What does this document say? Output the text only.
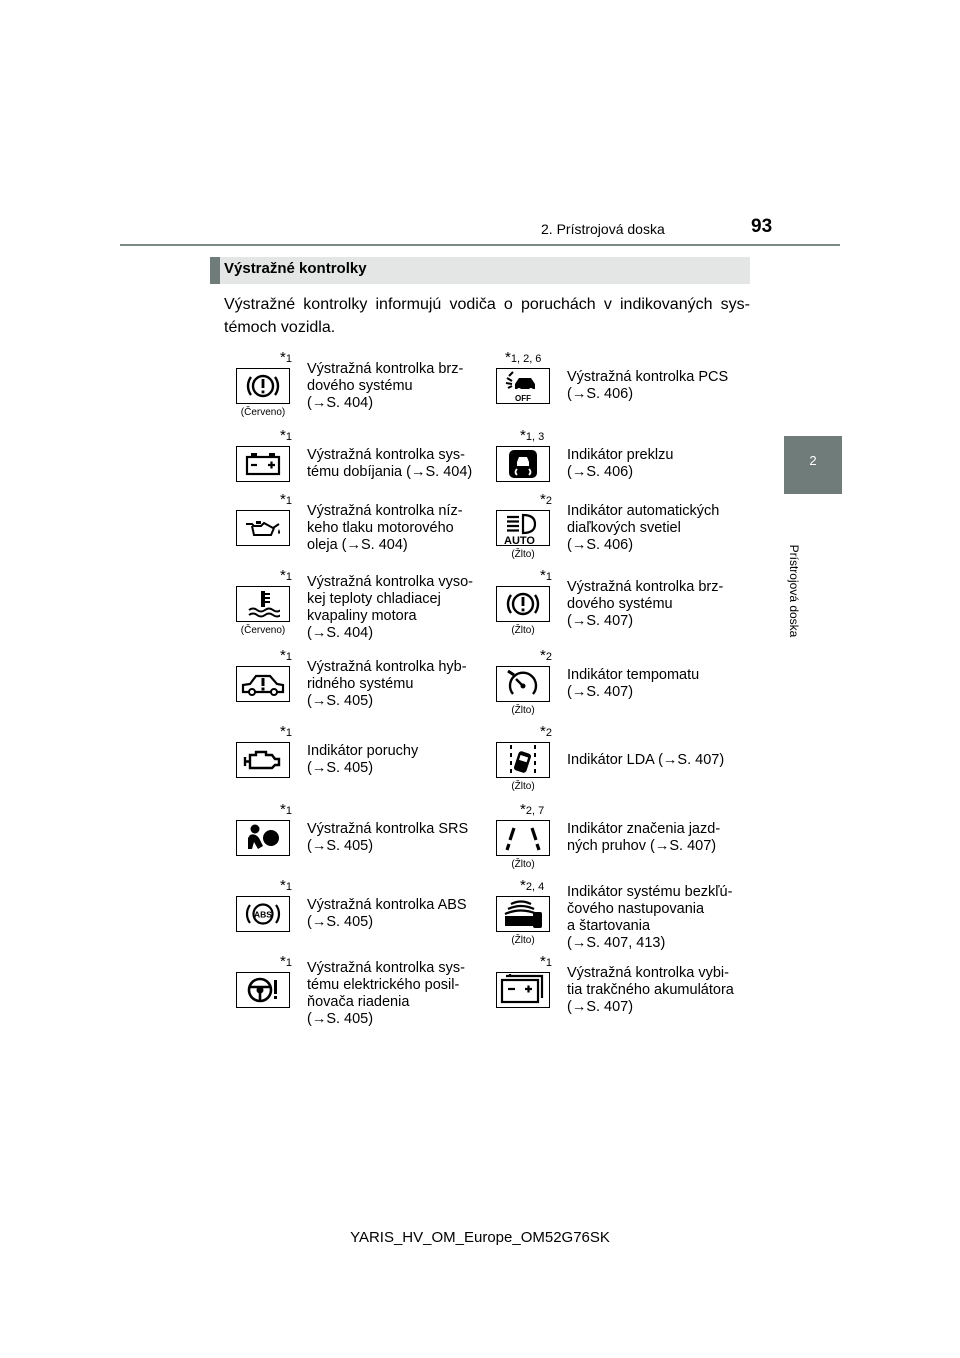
2. Prístrojová doska	93
2
Prístrojová doska
Výstražné kontrolky
Výstražné kontrolky informujú vodiča o poruchách v indikovaných sys-témoch vozidla.
*1
(Červeno)
Výstražná kontrolka brz-
dového systému
(→S. 404)
*1, 2, 6
OFF
Výstražná kontrolka PCS
(→S. 406)
*1
Výstražná kontrolka sys-
tému dobíjania (→S. 404)
*1, 3
Indikátor preklzu
(→S. 406)
*1
Výstražná kontrolka níz-
keho tlaku motorového
oleja (→S. 404)
*2
AUTO
(Žlto)
Indikátor automatických
diaľkových svetiel
(→S. 406)
*1
(Červeno)
Výstražná kontrolka vyso-
kej teploty chladiacej
kvapaliny motora
(→S. 404)
*1
(Žlto)
Výstražná kontrolka brz-
dového systému
(→S. 407)
*1
Výstražná kontrolka hyb-
ridného systému
(→S. 405)
*2
(Žlto)
Indikátor tempomatu
(→S. 407)
*1
Indikátor poruchy
(→S. 405)
*2
(Žlto)
Indikátor LDA (→S. 407)
*1
Výstražná kontrolka SRS
(→S. 405)
*2, 7
(Žlto)
Indikátor značenia jazd-
ných pruhov (→S. 407)
*1
ABS
Výstražná kontrolka ABS
(→S. 405)
*2, 4
(Žlto)
Indikátor systému bezkľú-
čového nastupovania
a štartovania
(→S. 407, 413)
*1 Výstražná kontrolka sys-
tému elektrického posil-
ňovača riadenia
(→S. 405)
*1
Výstražná kontrolka vybi-
tia trakčného akumulátora
(→S. 407)
YARIS_HV_OM_Europe_OM52G76SK
